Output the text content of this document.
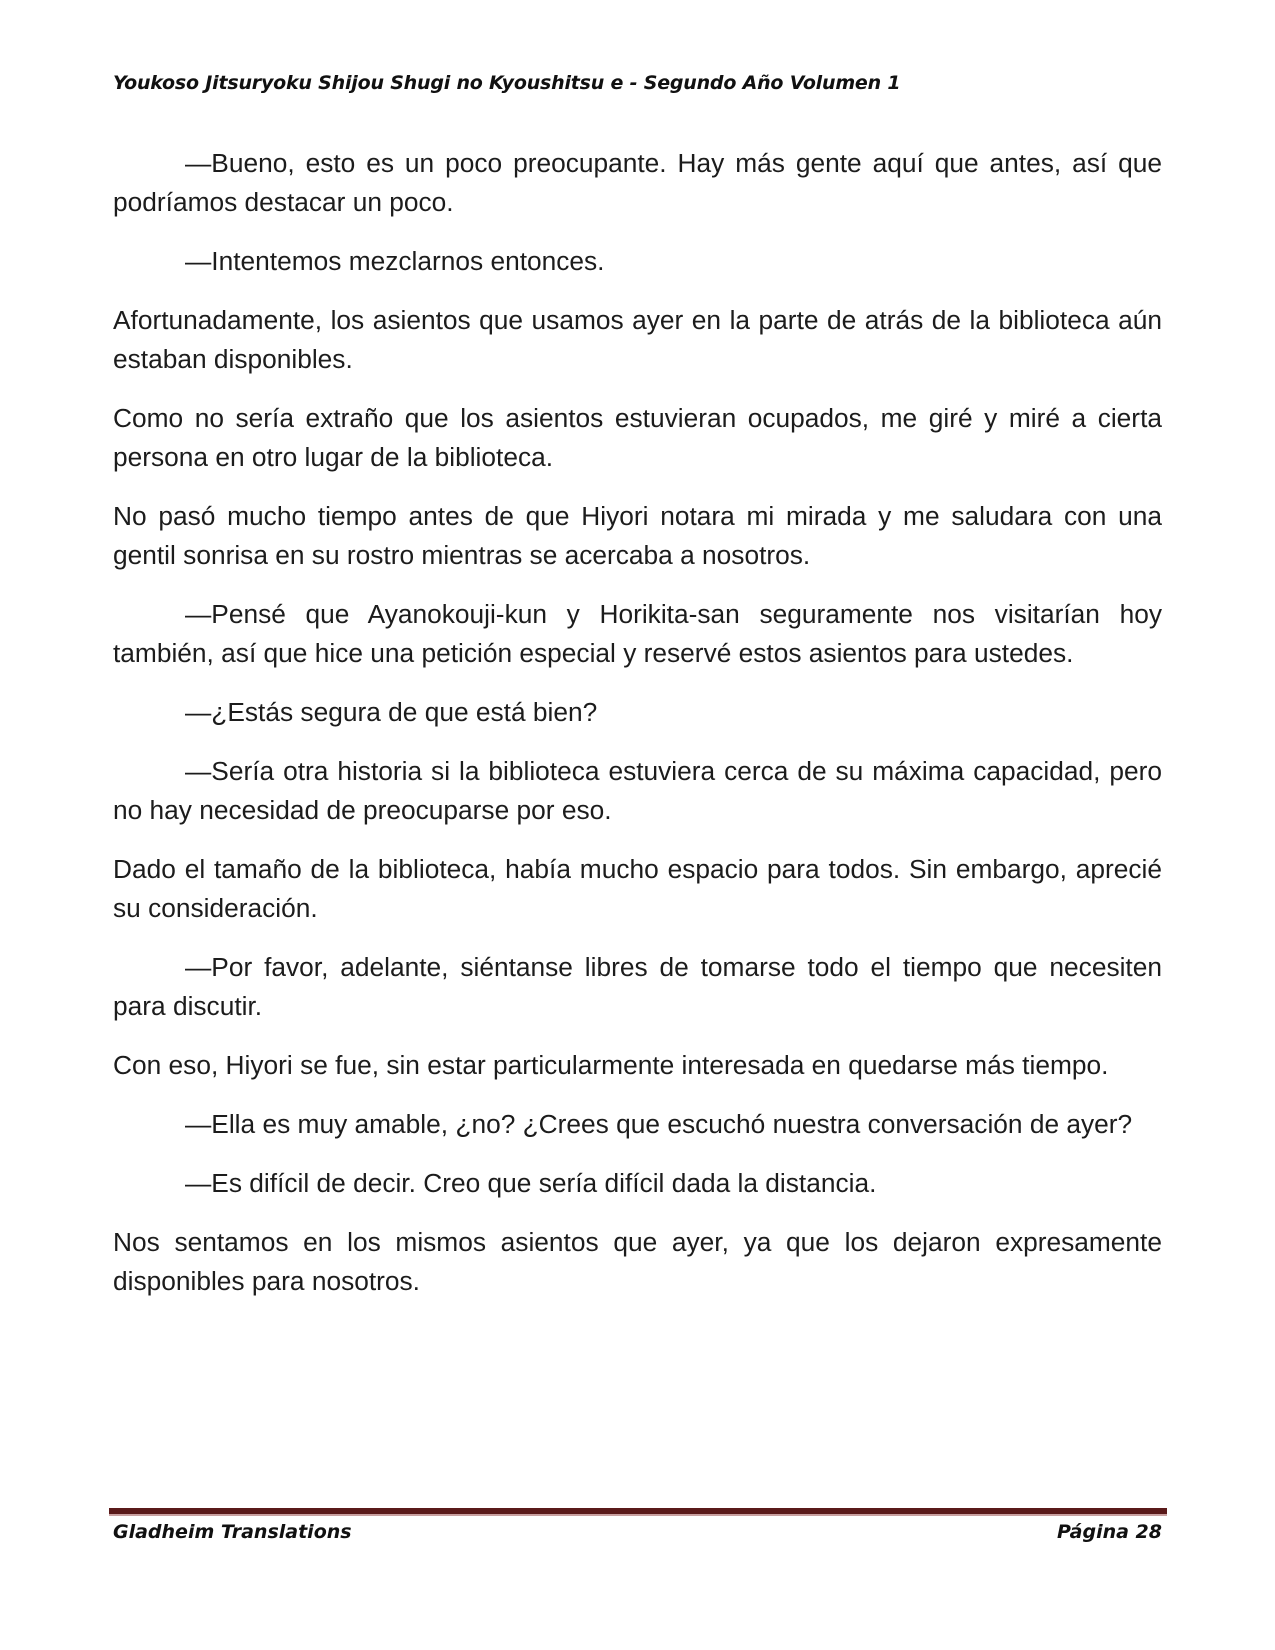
Youkoso Jitsuryoku Shijou Shugi no Kyoushitsu e - Segundo Año Volumen 1

—Bueno, esto es un poco preocupante. Hay más gente aquí que antes, así que podríamos destacar un poco.

—Intentemos mezclarnos entonces.

Afortunadamente, los asientos que usamos ayer en la parte de atrás de la biblioteca aún estaban disponibles.

Como no sería extraño que los asientos estuvieran ocupados, me giré y miré a cierta persona en otro lugar de la biblioteca.

No pasó mucho tiempo antes de que Hiyori notara mi mirada y me saludara con una gentil sonrisa en su rostro mientras se acercaba a nosotros.

—Pensé que Ayanokouji-kun y Horikita-san seguramente nos visitarían hoy también, así que hice una petición especial y reservé estos asientos para ustedes.

—¿Estás segura de que está bien?

—Sería otra historia si la biblioteca estuviera cerca de su máxima capacidad, pero no hay necesidad de preocuparse por eso.

Dado el tamaño de la biblioteca, había mucho espacio para todos. Sin embargo, aprecié su consideración.

—Por favor, adelante, siéntanse libres de tomarse todo el tiempo que necesiten para discutir.

Con eso, Hiyori se fue, sin estar particularmente interesada en quedarse más tiempo.

—Ella es muy amable, ¿no? ¿Crees que escuchó nuestra conversación de ayer?

—Es difícil de decir. Creo que sería difícil dada la distancia.

Nos sentamos en los mismos asientos que ayer, ya que los dejaron expresamente disponibles para nosotros.

Gladheim Translations	Página 28
